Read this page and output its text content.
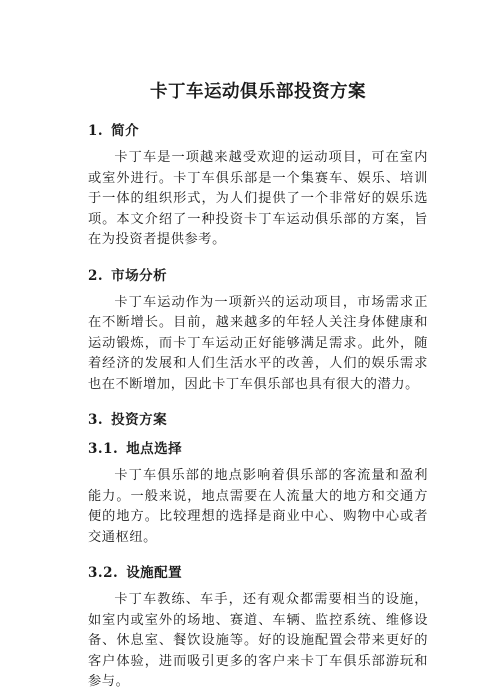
卡丁车运动俱乐部投资方案
1. 简介

卡丁车是一项越来越受欢迎的运动项目，可在室内或室外进行。卡丁车俱乐部是一个集赛车、娱乐、培训于一体的组织形式，为人们提供了一个非常好的娱乐选项。本文介绍了一种投资卡丁车运动俱乐部的方案，旨在为投资者提供参考。

2. 市场分析

卡丁车运动作为一项新兴的运动项目，市场需求正在不断增长。目前，越来越多的年轻人关注身体健康和运动锻炼，而卡丁车运动正好能够满足需求。此外，随着经济的发展和人们生活水平的改善，人们的娱乐需求也在不断增加，因此卡丁车俱乐部也具有很大的潜力。

3. 投资方案
3.1. 地点选择

卡丁车俱乐部的地点影响着俱乐部的客流量和盈利能力。一般来说，地点需要在人流量大的地方和交通方便的地方。比较理想的选择是商业中心、购物中心或者交通枢纽。

3.2. 设施配置

卡丁车教练、车手，还有观众都需要相当的设施，如室内或室外的场地、赛道、车辆、监控系统、维修设备、休息室、餐饮设施等。好的设施配置会带来更好的客户体验，进而吸引更多的客户来卡丁车俱乐部游玩和参与。
